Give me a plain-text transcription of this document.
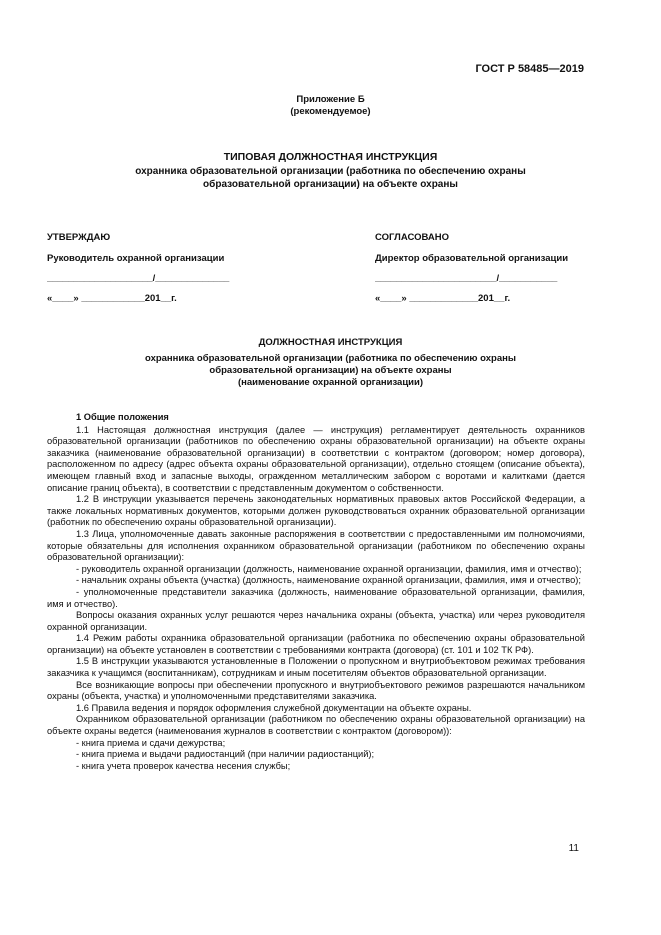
ГОСТ Р 58485—2019
Приложение Б
(рекомендуемое)
ТИПОВАЯ ДОЛЖНОСТНАЯ ИНСТРУКЦИЯ
охранника образовательной организации (работника по обеспечению охраны
образовательной организации) на объекте охраны
УТВЕРЖДАЮ
Руководитель охранной организации
____________________/______________
«____» ____________201__г.
СОГЛАСОВАНО
Директор образовательной организации
_______________________/___________
«____» _____________201__г.
ДОЛЖНОСТНАЯ ИНСТРУКЦИЯ
охранника образовательной организации (работника по обеспечению охраны
образовательной организации) на объекте охраны
(наименование охранной организации)

1 Общие положения

1.1 Настоящая должностная инструкция (далее — инструкция) регламентирует деятельность охранников образовательной организации (работников по обеспечению охраны образовательной организации) на объекте охраны заказчика (наименование образовательной организации) в соответствии с контрактом (договором; номер договора), расположенном по адресу (адрес объекта охраны образовательной организации), отдельно стоящем (описание объекта), имеющем главный вход и запасные выходы, огражденном металлическим забором с воротами и калитками (дается описание границ объекта), в соответствии с представленным документом о собственности.

1.2 В инструкции указывается перечень законодательных нормативных правовых актов Российской Федерации, а также локальных нормативных документов, которыми должен руководствоваться охранник образовательной организации (работник по обеспечению охраны образовательной организации).

1.3 Лица, уполномоченные давать законные распоряжения в соответствии с предоставленными им полномочиями, которые обязательны для исполнения охранником образовательной организации (работником по обеспечению охраны образовательной организации):

- руководитель охранной организации (должность, наименование охранной организации, фамилия, имя и отчество);

- начальник охраны объекта (участка) (должность, наименование охранной организации, фамилия, имя и отчество);

- уполномоченные представители заказчика (должность, наименование образовательной организации, фамилия, имя и отчество).

Вопросы оказания охранных услуг решаются через начальника охраны (объекта, участка) или через руководителя охранной организации.

1.4 Режим работы охранника образовательной организации (работника по обеспечению охраны образовательной организации) на объекте установлен в соответствии с требованиями контракта (договора) (ст. 101 и 102 ТК РФ).

1.5 В инструкции указываются установленные в Положении о пропускном и внутриобъектовом режимах требования заказчика к учащимся (воспитанникам), сотрудникам и иным посетителям объектов образовательной организации.

Все возникающие вопросы при обеспечении пропускного и внутриобъектового режимов разрешаются начальником охраны (объекта, участка) и уполномоченными представителями заказчика.

1.6 Правила ведения и порядок оформления служебной документации на объекте охраны.

Охранником образовательной организации (работником по обеспечению охраны образовательной организации) на объекте охраны ведется (наименования журналов в соответствии с контрактом (договором)):

- книга приема и сдачи дежурства;

- книга приема и выдачи радиостанций (при наличии радиостанций);

- книга учета проверок качества несения службы;

11
